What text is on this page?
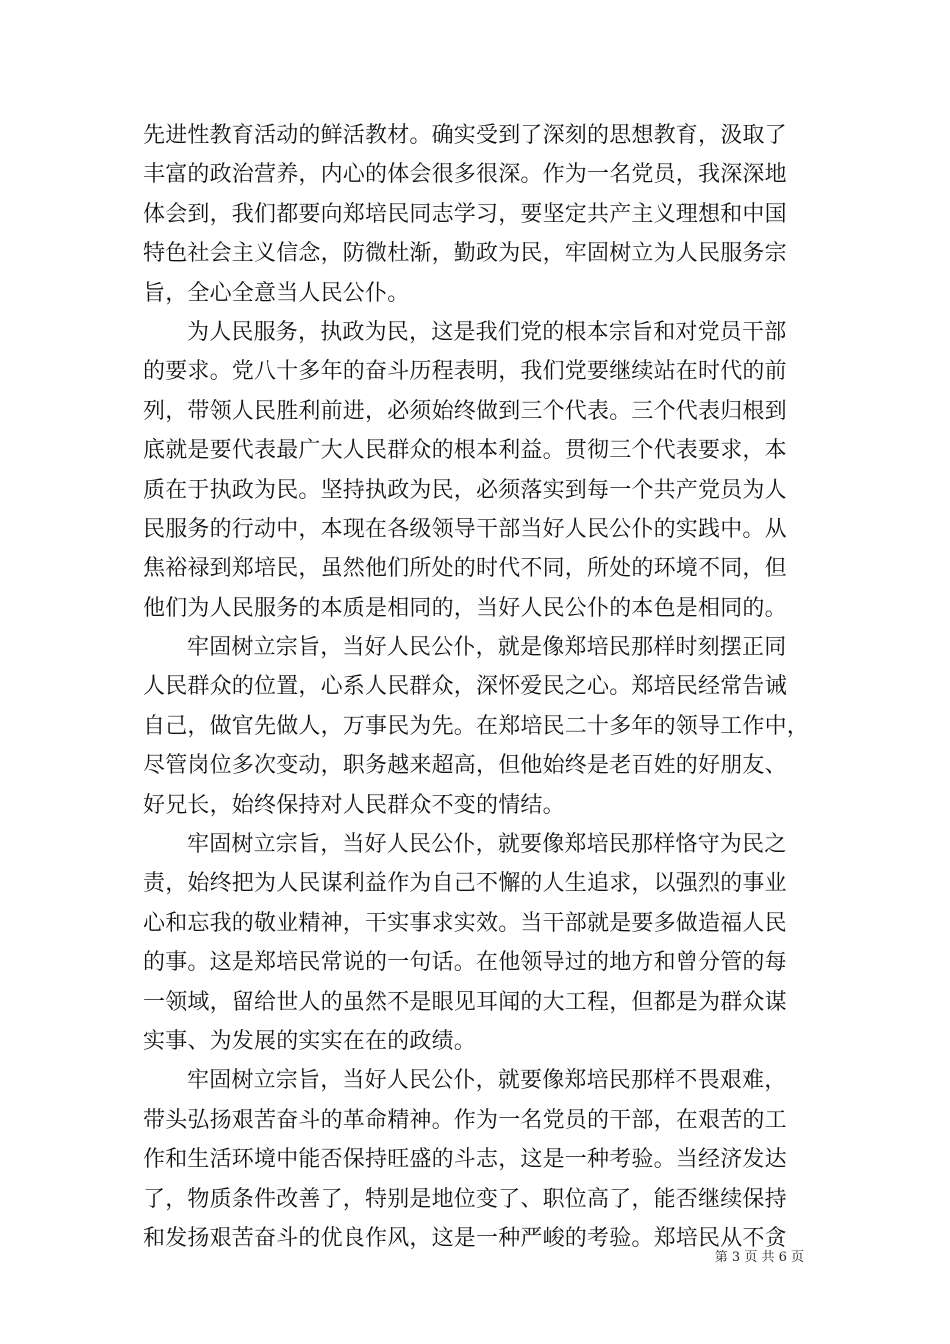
先进性教育活动的鲜活教材。确实受到了深刻的思想教育，汲取了
丰富的政治营养，内心的体会很多很深。作为一名党员，我深深地
体会到，我们都要向郑培民同志学习，要坚定共产主义理想和中国
特色社会主义信念，防微杜渐，勤政为民，牢固树立为人民服务宗
旨，全心全意当人民公仆。
为人民服务，执政为民，这是我们党的根本宗旨和对党员干部
的要求。党八十多年的奋斗历程表明，我们党要继续站在时代的前
列，带领人民胜利前进，必须始终做到三个代表。三个代表归根到
底就是要代表最广大人民群众的根本利益。贯彻三个代表要求，本
质在于执政为民。坚持执政为民，必须落实到每一个共产党员为人
民服务的行动中，本现在各级领导干部当好人民公仆的实践中。从
焦裕禄到郑培民，虽然他们所处的时代不同，所处的环境不同，但
他们为人民服务的本质是相同的，当好人民公仆的本色是相同的。
牢固树立宗旨，当好人民公仆，就是像郑培民那样时刻摆正同
人民群众的位置，心系人民群众，深怀爱民之心。郑培民经常告诫
自己，做官先做人，万事民为先。在郑培民二十多年的领导工作中，
尽管岗位多次变动，职务越来超高，但他始终是老百姓的好朋友、
好兄长，始终保持对人民群众不变的情结。
牢固树立宗旨，当好人民公仆，就要像郑培民那样恪守为民之
责，始终把为人民谋利益作为自己不懈的人生追求，以强烈的事业
心和忘我的敬业精神，干实事求实效。当干部就是要多做造福人民
的事。这是郑培民常说的一句话。在他领导过的地方和曾分管的每
一领域，留给世人的虽然不是眼见耳闻的大工程，但都是为群众谋
实事、为发展的实实在在的政绩。
牢固树立宗旨，当好人民公仆，就要像郑培民那样不畏艰难，
带头弘扬艰苦奋斗的革命精神。作为一名党员的干部，在艰苦的工
作和生活环境中能否保持旺盛的斗志，这是一种考验。当经济发达
了，物质条件改善了，特别是地位变了、职位高了，能否继续保持
和发扬艰苦奋斗的优良作风，这是一种严峻的考验。郑培民从不贪
第 3 页 共 6 页
